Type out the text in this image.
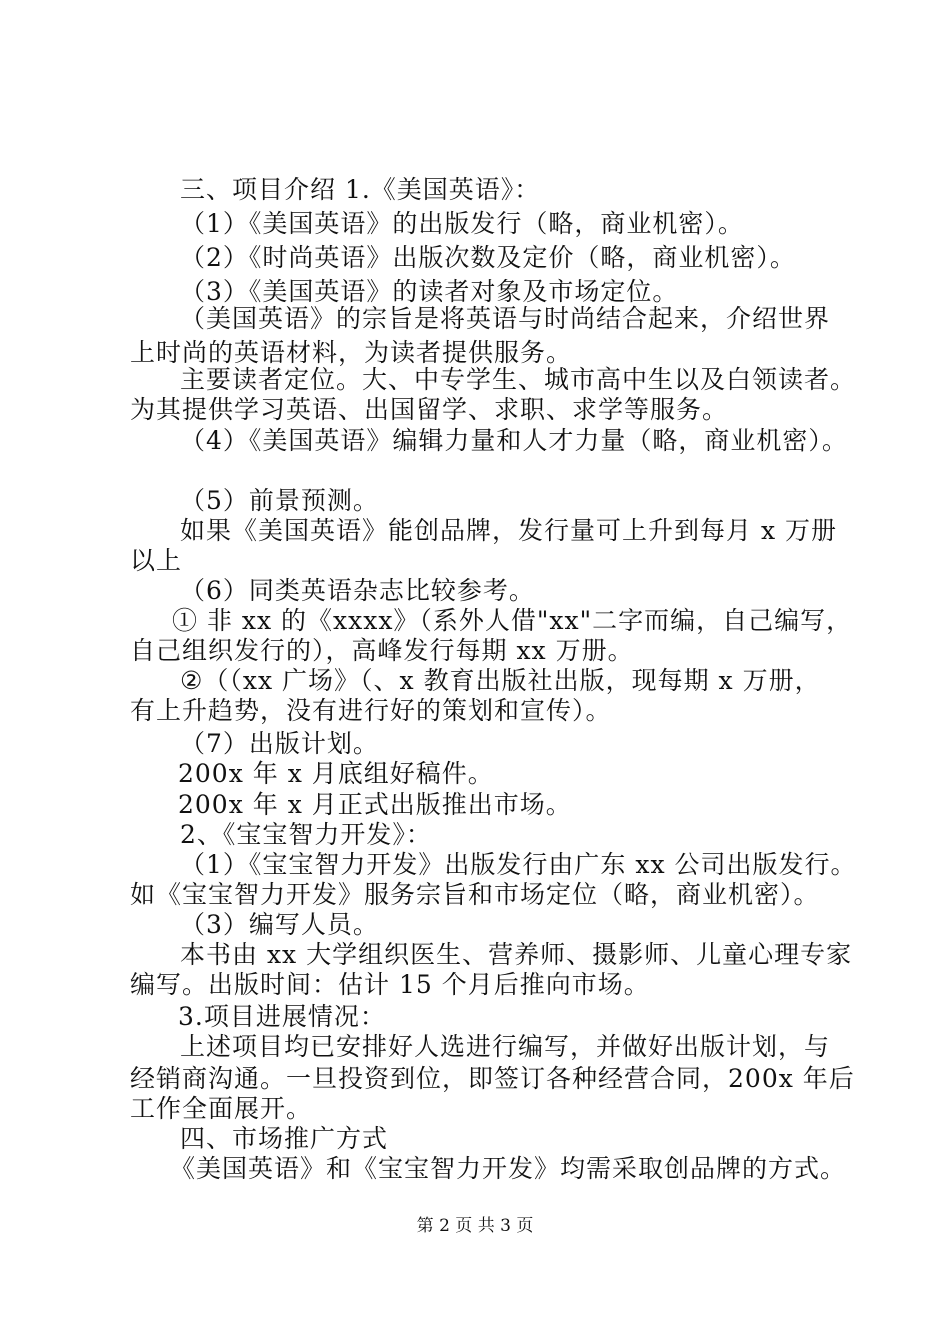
三、项目介绍 1.《美国英语》：
（1）《美国英语》的出版发行（略，商业机密）。
（2）《时尚英语》出版次数及定价（略，商业机密）。
（3）《美国英语》的读者对象及市场定位。
（美国英语》的宗旨是将英语与时尚结合起来，介绍世界
上时尚的英语材料，为读者提供服务。
主要读者定位。大、中专学生、城市高中生以及白领读者。
为其提供学习英语、出国留学、求职、求学等服务。
（4）《美国英语》编辑力量和人才力量（略，商业机密）。
（5）前景预测。
如果《美国英语》能创品牌，发行量可上升到每月 x 万册
以上
（6）同类英语杂志比较参考。
① 非 xx 的《xxxx》（系外人借"xx"二字而编，自己编写，
自己组织发行的），高峰发行每期 xx 万册。
②（（xx 广场》（、x 教育出版社出版，现每期 x 万册，
有上升趋势，没有进行好的策划和宣传）。
（7）出版计划。
200x 年 x 月底组好稿件。
200x 年 x 月正式出版推出市场。
2、《宝宝智力开发》：
（1）《宝宝智力开发》出版发行由广东 xx 公司出版发行。
如《宝宝智力开发》服务宗旨和市场定位（略，商业机密）。
（3）编写人员。
本书由 xx 大学组织医生、营养师、摄影师、儿童心理专家
编写。出版时间：估计 15 个月后推向市场。
3.项目进展情况：
上述项目均已安排好人选进行编写，并做好出版计划，与
经销商沟通。一旦投资到位，即签订各种经营合同，200x 年后
工作全面展开。
四、市场推广方式
《美国英语》和《宝宝智力开发》均需采取创品牌的方式。
第 2 页 共 3 页
